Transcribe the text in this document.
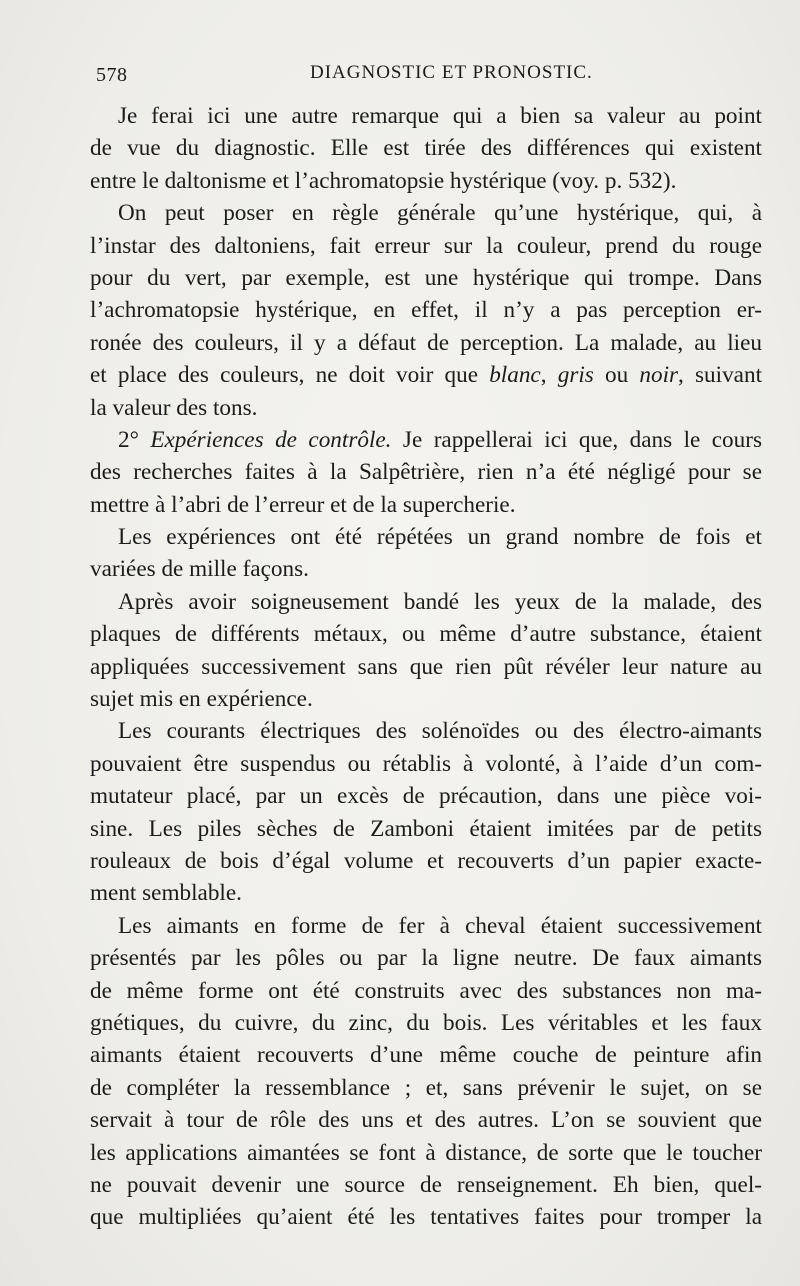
578	DIAGNOSTIC ET PRONOSTIC.
Je ferai ici une autre remarque qui a bien sa valeur au point
de vue du diagnostic. Elle est tirée des différences qui existent
entre le daltonisme et l’achromatopsie hystérique (voy. p. 532).
On peut poser en règle générale qu’une hystérique, qui, à
l’instar des daltoniens, fait erreur sur la couleur, prend du rouge
pour du vert, par exemple, est une hystérique qui trompe. Dans
l’achromatopsie hystérique, en effet, il n’y a pas perception er-
ronée des couleurs, il y a défaut de perception. La malade, au lieu
et place des couleurs, ne doit voir que blanc, gris ou noir, suivant
la valeur des tons.
2° Expériences de contrôle. Je rappellerai ici que, dans le cours
des recherches faites à la Salpêtrière, rien n’a été négligé pour se
mettre à l’abri de l’erreur et de la supercherie.
Les expériences ont été répétées un grand nombre de fois et
variées de mille façons.
Après avoir soigneusement bandé les yeux de la malade, des
plaques de différents métaux, ou même d’autre substance, étaient
appliquées successivement sans que rien pût révéler leur nature au
sujet mis en expérience.
Les courants électriques des solénoïdes ou des électro-aimants
pouvaient être suspendus ou rétablis à volonté, à l’aide d’un com-
mutateur placé, par un excès de précaution, dans une pièce voi-
sine. Les piles sèches de Zamboni étaient imitées par de petits
rouleaux de bois d’égal volume et recouverts d’un papier exacte-
ment semblable.
Les aimants en forme de fer à cheval étaient successivement
présentés par les pôles ou par la ligne neutre. De faux aimants
de même forme ont été construits avec des substances non ma-
gnétiques, du cuivre, du zinc, du bois. Les véritables et les faux
aimants étaient recouverts d’une même couche de peinture afin
de compléter la ressemblance ; et, sans prévenir le sujet, on se
servait à tour de rôle des uns et des autres. L’on se souvient que
les applications aimantées se font à distance, de sorte que le toucher
ne pouvait devenir une source de renseignement. Eh bien, quel-
que multipliées qu’aient été les tentatives faites pour tromper la
